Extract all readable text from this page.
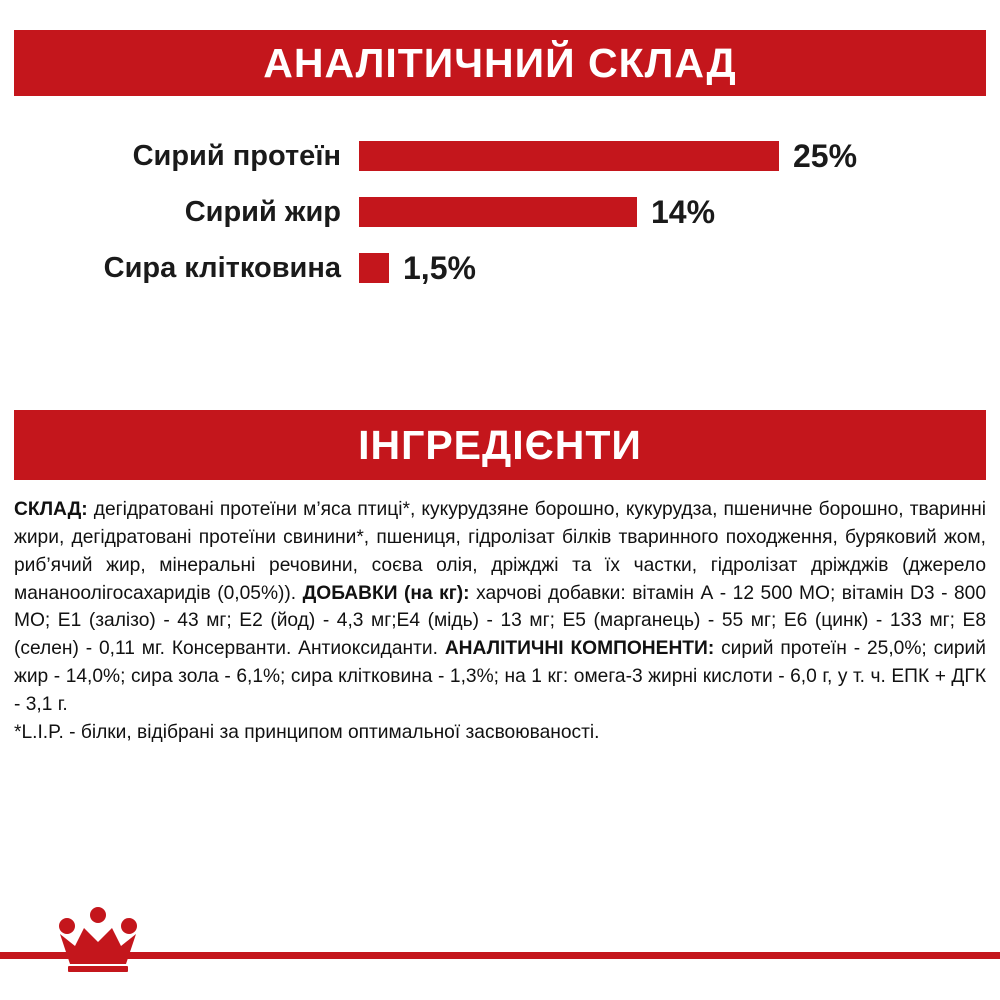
АНАЛІТИЧНИЙ СКЛАД
Сирий протеїн	25%
Сирий жир	14%
Сира клітковина	1,5%
ІНГРЕДІЄНТИ

СКЛАД: дегідратовані протеїни м’яса птиці*, кукурудзяне борошно, кукурудза, пшеничне борошно, тваринні жири, дегідратовані протеїни свинини*, пшениця, гідролізат білків тваринного походження, буряковий жом, риб’ячий жир, мінеральні речовини, соєва олія, дріжджі та їх частки, гідролізат дріжджів (джерело мананоолігосахаридів (0,05%)). ДОБАВКИ (на кг): харчові добавки: вітамін А - 12 500 МО; вітамін D3 - 800 МО; Е1 (залізо) - 43 мг; Е2 (йод) - 4,3 мг;Е4 (мідь) - 13 мг; Е5 (марганець) - 55 мг; Е6 (цинк) - 133 мг; Е8 (селен) - 0,11 мг. Консерванти. Антиоксиданти. АНАЛІТИЧНІ КОМПОНЕНТИ: сирий протеїн - 25,0%; сирий жир - 14,0%; сира зола - 6,1%; сира клітковина - 1,3%; на 1 кг: омега-3 жирні кислоти - 6,0 г, у т. ч. ЕПК + ДГК - 3,1 г.

*L.I.P. - білки, відібрані за принципом оптимальної засвоюваності.
